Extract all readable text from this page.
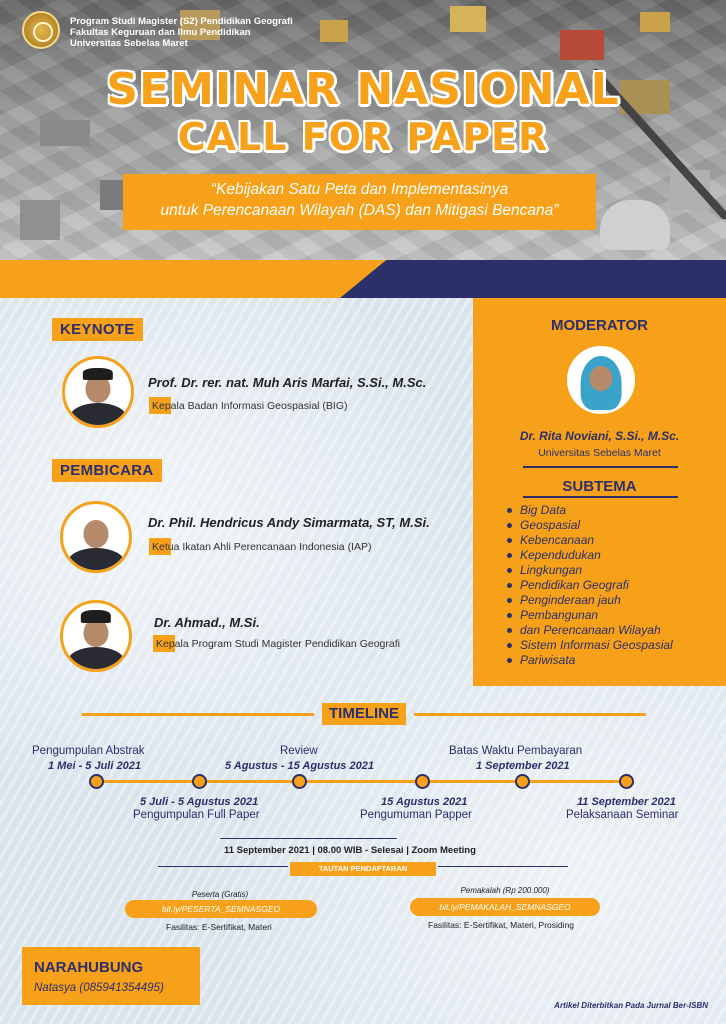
Program Studi Magister (S2) Pendidikan Geografi
Fakultas Keguruan dan Ilmu Pendidikan
Universitas Sebelas Maret
SEMINAR NASIONAL
CALL FOR PAPER
“Kebijakan Satu Peta dan Implementasinya
untuk Perencanaan Wilayah (DAS) dan Mitigasi Bencana”
MODERATOR
Dr. Rita Noviani, S.Si., M.Sc.
Universitas Sebelas Maret
SUBTEMA
Big Data
Geospasial
Kebencanaan
Kependudukan
Lingkungan
Pendidikan Geografi
Penginderaan jauh
Pembangunan
dan Perencanaan Wilayah
Sistem Informasi Geospasial
Pariwisata
KEYNOTE
Prof. Dr. rer. nat. Muh Aris Marfai, S.Si., M.Sc.
Kepala Badan Informasi Geospasial (BIG)
PEMBICARA
Dr. Phil. Hendricus Andy Simarmata, ST, M.Si.
Ketua Ikatan Ahli Perencanaan Indonesia (IAP)
Dr. Ahmad., M.Si.
Kepala Program Studi Magister Pendidikan Geografi
TIMELINE
Pengumpulan Abstrak
1 Mei - 5 Juli 2021
5 Juli - 5 Agustus 2021
Pengumpulan Full Paper
Review
5 Agustus - 15 Agustus 2021
15 Agustus 2021
Pengumuman Papper
Batas Waktu Pembayaran
1 September 2021
11 September 2021
Pelaksanaan Seminar
11 September 2021 | 08.00 WIB - Selesai | Zoom Meeting
TAUTAN PENDAFTARAN
Peserta (Gratis)
bit.ly/PESERTA_SEMNASGEO
Fasilitas: E-Sertifikat, Materi
Pemakalah (Rp 200.000)
bit.ly/PEMAKALAH_SEMNASGEO
Fasilitas: E-Sertifikat, Materi, Prosiding
NARAHUBUNG
Natasya (085941354495)
Artikel Diterbitkan Pada Jurnal Ber-ISBN
